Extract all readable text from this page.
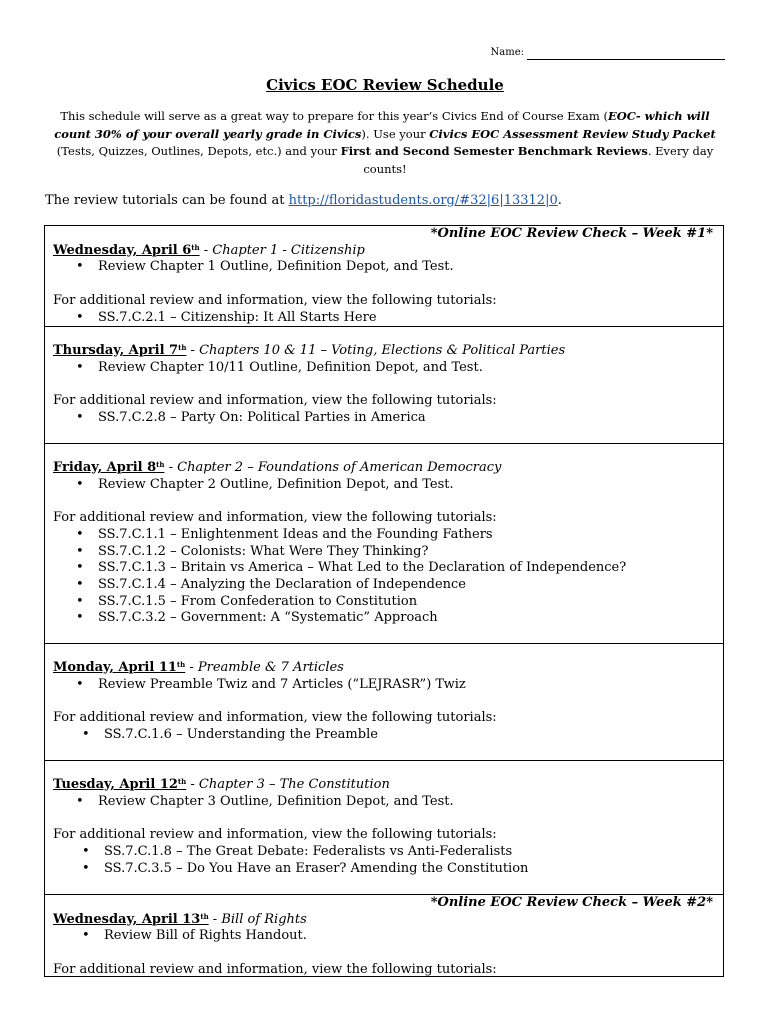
Name:
Civics EOC Review Schedule
This schedule will serve as a great way to prepare for this year’s Civics End of Course Exam (EOC- which will count 30% of your overall yearly grade in Civics). Use your Civics EOC Assessment Review Study Packet (Tests, Quizzes, Outlines, Depots, etc.) and your First and Second Semester Benchmark Reviews. Every day counts!
The review tutorials can be found at http://floridastudents.org/#32|6|13312|0.
*Online EOC Review Check – Week #1*
Wednesday, April 6th - Chapter 1 - Citizenship
• Review Chapter 1 Outline, Definition Depot, and Test.
For additional review and information, view the following tutorials:
• SS.7.C.2.1 – Citizenship: It All Starts Here
Thursday, April 7th - Chapters 10 & 11 – Voting, Elections & Political Parties
• Review Chapter 10/11 Outline, Definition Depot, and Test.
For additional review and information, view the following tutorials:
• SS.7.C.2.8 – Party On: Political Parties in America
Friday, April 8th - Chapter 2 – Foundations of American Democracy
• Review Chapter 2 Outline, Definition Depot, and Test.
For additional review and information, view the following tutorials:
• SS.7.C.1.1 – Enlightenment Ideas and the Founding Fathers
• SS.7.C.1.2 – Colonists: What Were They Thinking?
• SS.7.C.1.3 – Britain vs America – What Led to the Declaration of Independence?
• SS.7.C.1.4 – Analyzing the Declaration of Independence
• SS.7.C.1.5 – From Confederation to Constitution
• SS.7.C.3.2 – Government: A “Systematic” Approach
Monday, April 11th - Preamble & 7 Articles
• Review Preamble Twiz and 7 Articles (“LEJRASR”) Twiz
For additional review and information, view the following tutorials:
• SS.7.C.1.6 – Understanding the Preamble
Tuesday, April 12th - Chapter 3 – The Constitution
• Review Chapter 3 Outline, Definition Depot, and Test.
For additional review and information, view the following tutorials:
• SS.7.C.1.8 – The Great Debate: Federalists vs Anti-Federalists
• SS.7.C.3.5 – Do You Have an Eraser? Amending the Constitution
*Online EOC Review Check – Week #2*
Wednesday, April 13th - Bill of Rights
• Review Bill of Rights Handout.
For additional review and information, view the following tutorials:
